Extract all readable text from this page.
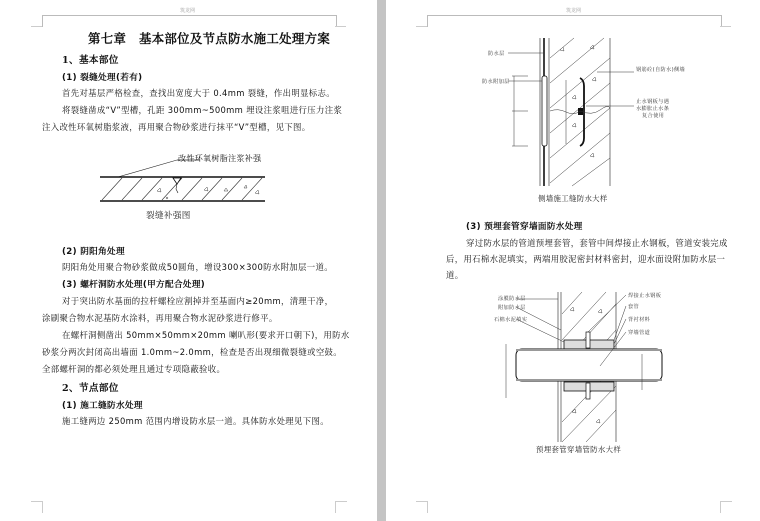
筑龙网
第七章　基本部位及节点防水施工处理方案
1、基本部位
(1) 裂缝处理(若有)
首先对基层严格检查，查找出宽度大于 0.4mm 裂缝，作出明显标志。
将裂缝凿成“V”型槽，孔距 300mm~500mm 埋设注浆咀进行压力注浆
注入改性环氧树脂浆液，再用聚合物砂浆进行抹平“V”型槽，见下图。
改性环氧树脂注浆补强
裂缝补强图
(2) 阴阳角处理
阴阳角处用聚合物砂浆做成50圆角，增设300×300防水附加层一道。
(3) 螺杆洞防水处理(甲方配合处理)
对于突出防水基面的拉杆螺栓应割掉并至基面内≥20mm，清理干净，
涂刷聚合物水泥基防水涂料，再用聚合物水泥砂浆进行修平。
在螺杆洞侧凿出 50mm×50mm×20mm 喇叭形(要求开口朝下)，用防水
砂浆分两次封闭高出墙面 1.0mm~2.0mm，检查是否出现细微裂缝或空鼓。
全部螺杆洞的都必须处理且通过专项隐蔽验收。
2、节点部位
(1) 施工缝防水处理
施工缝两边 250mm 范围内增设防水层一道。具体防水处理见下图。
筑龙网
防水层
防水附加层
钢筋砼(自防水)侧墙
止水钢板与遇
水膨胀止水条
复合使用
侧墙施工缝防水大样
(3) 预埋套管穿墙面防水处理
穿过防水层的管道预埋套管，套管中间焊接止水钢板，管道安装完成
后，用石棉水泥填实，两端用胶泥密封材料密封，迎水面设附加防水层一
道。
涂膜防水层
附加防水层
石棉水泥填实
焊接止水钢板
套管
背衬材料
穿墙管道
预埋套管穿墙管防水大样
